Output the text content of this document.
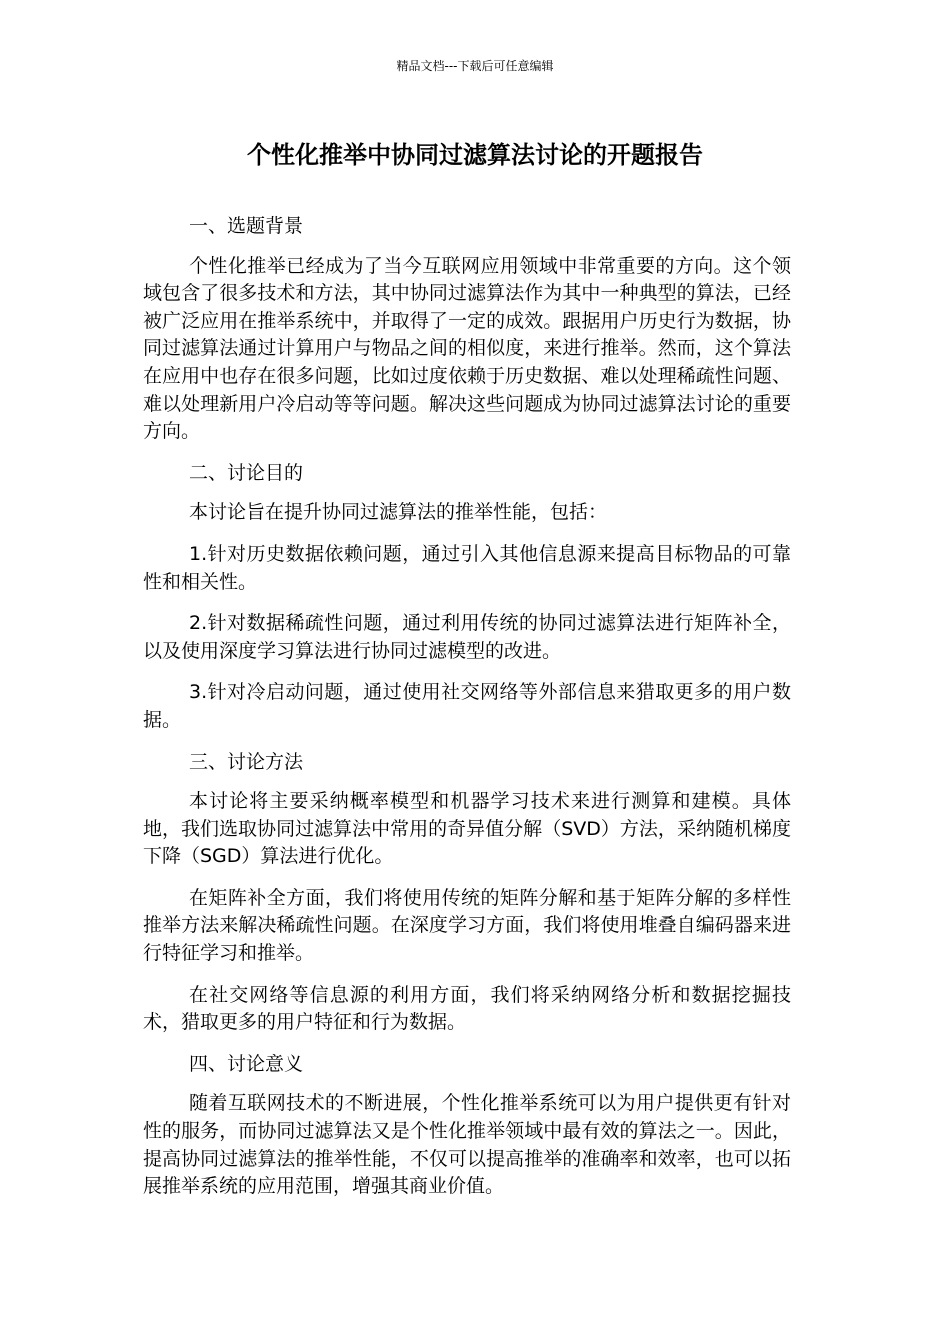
精品文档---下载后可任意编辑
个性化推举中协同过滤算法讨论的开题报告

一、选题背景

个性化推举已经成为了当今互联网应用领域中非常重要的方向。这个领域包含了很多技术和方法，其中协同过滤算法作为其中一种典型的算法，已经被广泛应用在推举系统中，并取得了一定的成效。跟据用户历史行为数据，协同过滤算法通过计算用户与物品之间的相似度，来进行推举。然而，这个算法在应用中也存在很多问题，比如过度依赖于历史数据、难以处理稀疏性问题、难以处理新用户冷启动等等问题。解决这些问题成为协同过滤算法讨论的重要方向。

二、讨论目的

本讨论旨在提升协同过滤算法的推举性能，包括：

1.针对历史数据依赖问题，通过引入其他信息源来提高目标物品的可靠性和相关性。

2.针对数据稀疏性问题，通过利用传统的协同过滤算法进行矩阵补全，以及使用深度学习算法进行协同过滤模型的改进。

3.针对冷启动问题，通过使用社交网络等外部信息来猎取更多的用户数据。

三、讨论方法

本讨论将主要采纳概率模型和机器学习技术来进行测算和建模。具体地，我们选取协同过滤算法中常用的奇异值分解（SVD）方法，采纳随机梯度下降（SGD）算法进行优化。

在矩阵补全方面，我们将使用传统的矩阵分解和基于矩阵分解的多样性推举方法来解决稀疏性问题。在深度学习方面，我们将使用堆叠自编码器来进行特征学习和推举。

在社交网络等信息源的利用方面，我们将采纳网络分析和数据挖掘技术，猎取更多的用户特征和行为数据。

四、讨论意义

随着互联网技术的不断进展，个性化推举系统可以为用户提供更有针对性的服务，而协同过滤算法又是个性化推举领域中最有效的算法之一。因此，提高协同过滤算法的推举性能，不仅可以提高推举的准确率和效率，也可以拓展推举系统的应用范围，增强其商业价值。
